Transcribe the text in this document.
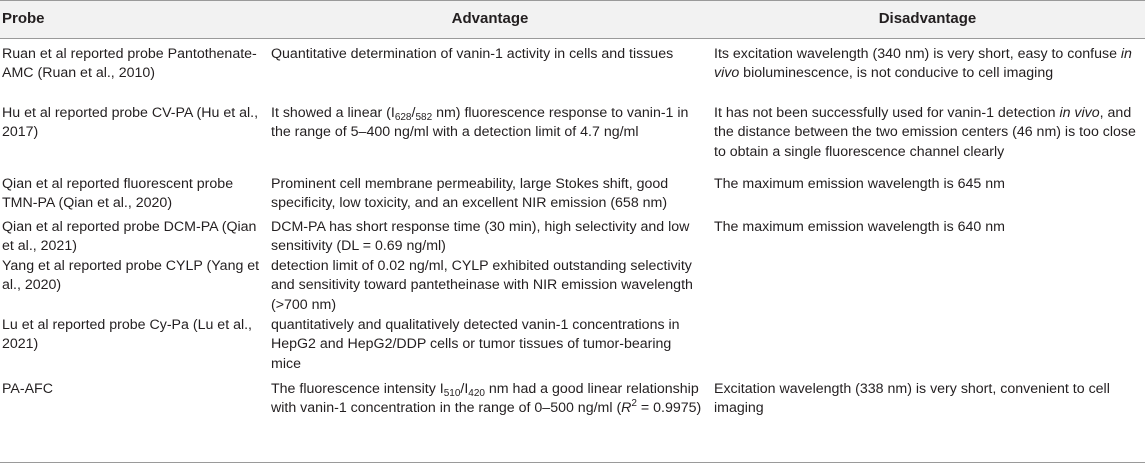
Probe	Advantage	Disadvantage

Ruan et al reported probe Pantothenate-AMC (Ruan et al., 2010)	Quantitative determination of vanin-1 activity in cells and tissues	Its excitation wavelength (340 nm) is very short, easy to confuse in vivo bioluminescence, is not conducive to cell imaging
Hu et al reported probe CV-PA (Hu et al., 2017)	It showed a linear ($I_{628}/_{582}$ nm) fluorescence response to vanin-1 in the range of 5–400 ng/ml with a detection limit of 4.7 ng/ml	It has not been successfully used for vanin-1 detection in vivo, and the distance between the two emission centers (46 nm) is too close to obtain a single fluorescence channel clearly
Qian et al reported fluorescent probe TMN-PA (Qian et al., 2020)	Prominent cell membrane permeability, large Stokes shift, good specificity, low toxicity, and an excellent NIR emission (658 nm)	The maximum emission wavelength is 645 nm
Qian et al reported probe DCM-PA (Qian et al., 2021)	DCM-PA has short response time (30 min), high selectivity and low sensitivity (DL = 0.69 ng/ml)	The maximum emission wavelength is 640 nm
Yang et al reported probe CYLP (Yang et al., 2020)	detection limit of 0.02 ng/ml, CYLP exhibited outstanding selectivity and sensitivity toward pantetheinase with NIR emission wavelength (>700 nm)	
Lu et al reported probe Cy-Pa (Lu et al., 2021)	quantitatively and qualitatively detected vanin-1 concentrations in HepG2 and HepG2/DDP cells or tumor tissues of tumor-bearing mice	
PA-AFC	The fluorescence intensity $I_{510}/I_{420}$ nm had a good linear relationship with vanin-1 concentration in the range of 0–500 ng/ml $(R^2 = 0.9975)$	Excitation wavelength (338 nm) is very short, convenient to cell imaging
